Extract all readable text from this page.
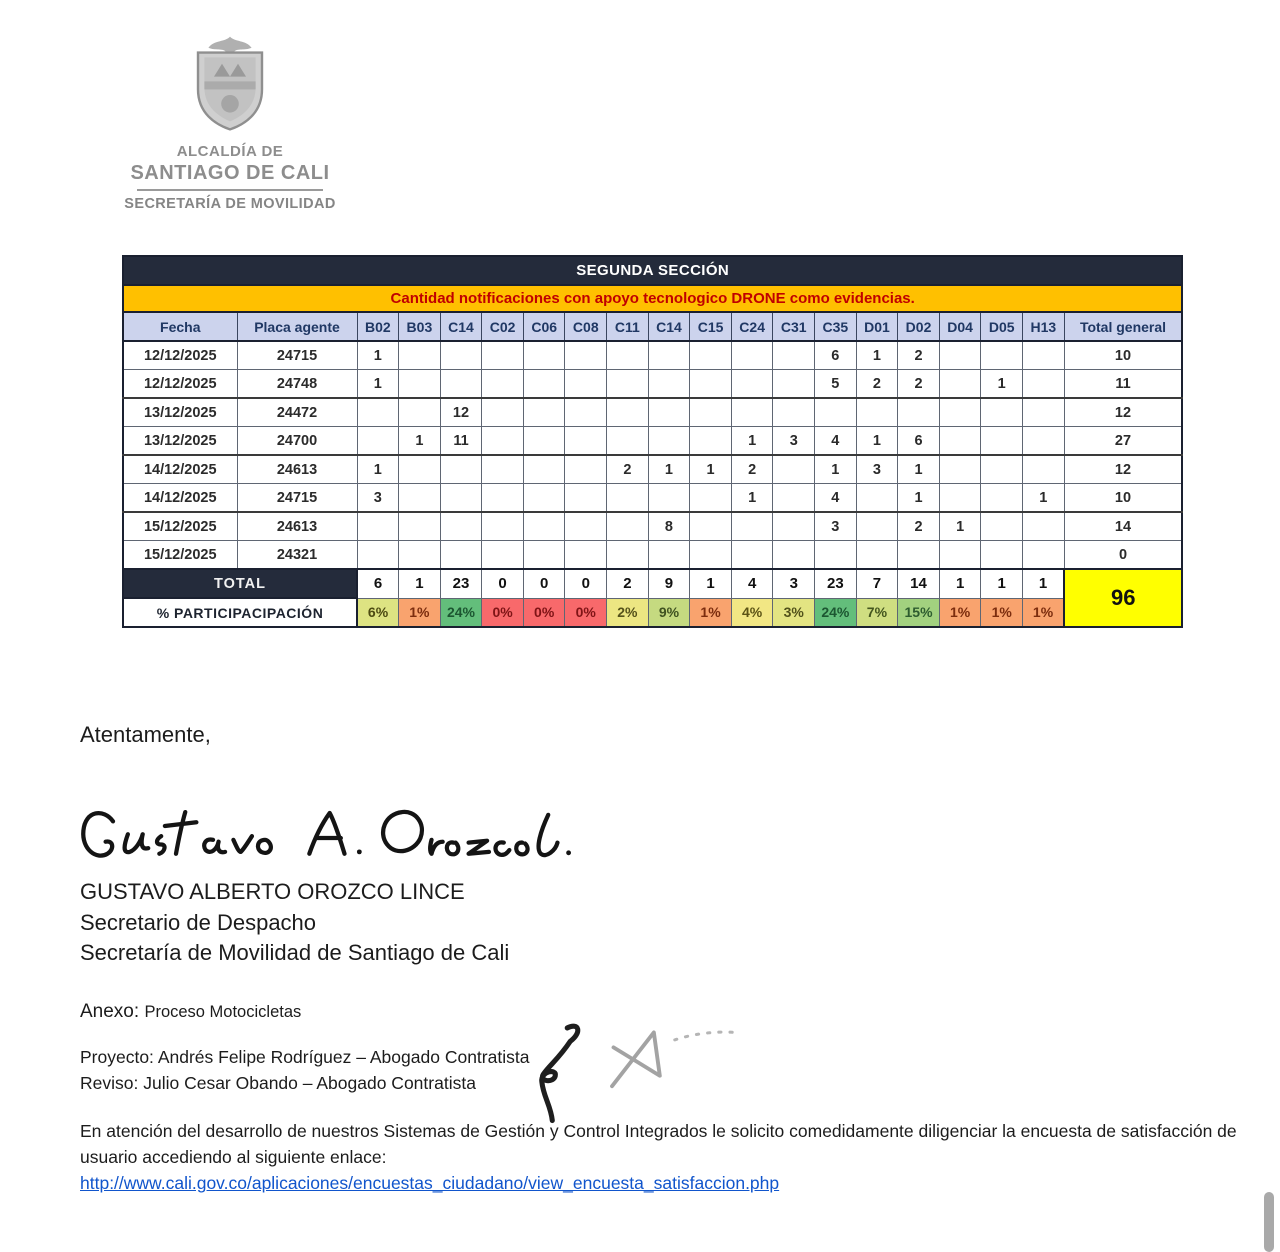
ALCALDÍA DE
SANTIAGO DE CALI
SECRETARÍA DE MOVILIDAD
SEGUNDA SECCIÓN																			
Cantidad notificaciones con apoyo tecnologico DRONE como evidencias.																			
Fecha	Placa agente	B02	B03	C14	C02	C06	C08	C11	C14	C15	C24	C31	C35	D01	D02	D04	D05	H13	Total general
12/12/2025	24715	1											6	1	2				10
12/12/2025	24748	1											5	2	2		1		11
13/12/2025	24472			12															12
13/12/2025	24700		1	11							1	3	4	1	6				27
14/12/2025	24613	1						2	1	1	2		1	3	1				12
14/12/2025	24715	3									1		4		1			1	10
15/12/2025	24613								8				3		2	1			14
15/12/2025	24321																		0
TOTAL		6	1	23	0	0	0	2	9	1	4	3	23	7	14	1	1	1	96
% PARTICIPACIPACIÓN		6%	1%	24%	0%	0%	0%	2%	9%	1%	4%	3%	24%	7%	15%	1%	1%	1%	
Atentamente,
GUSTAVO ALBERTO OROZCO LINCE
Secretario de Despacho
Secretaría de Movilidad de Santiago de Cali
Anexo: Proceso Motocicletas
Proyecto: Andrés Felipe Rodríguez – Abogado Contratista
Reviso: Julio Cesar Obando – Abogado Contratista
En atención del desarrollo de nuestros Sistemas de Gestión y Control Integrados le solicito comedidamente diligenciar la encuesta de satisfacción de usuario accediendo al siguiente enlace:
http://www.cali.gov.co/aplicaciones/encuestas_ciudadano/view_encuesta_satisfaccion.php
